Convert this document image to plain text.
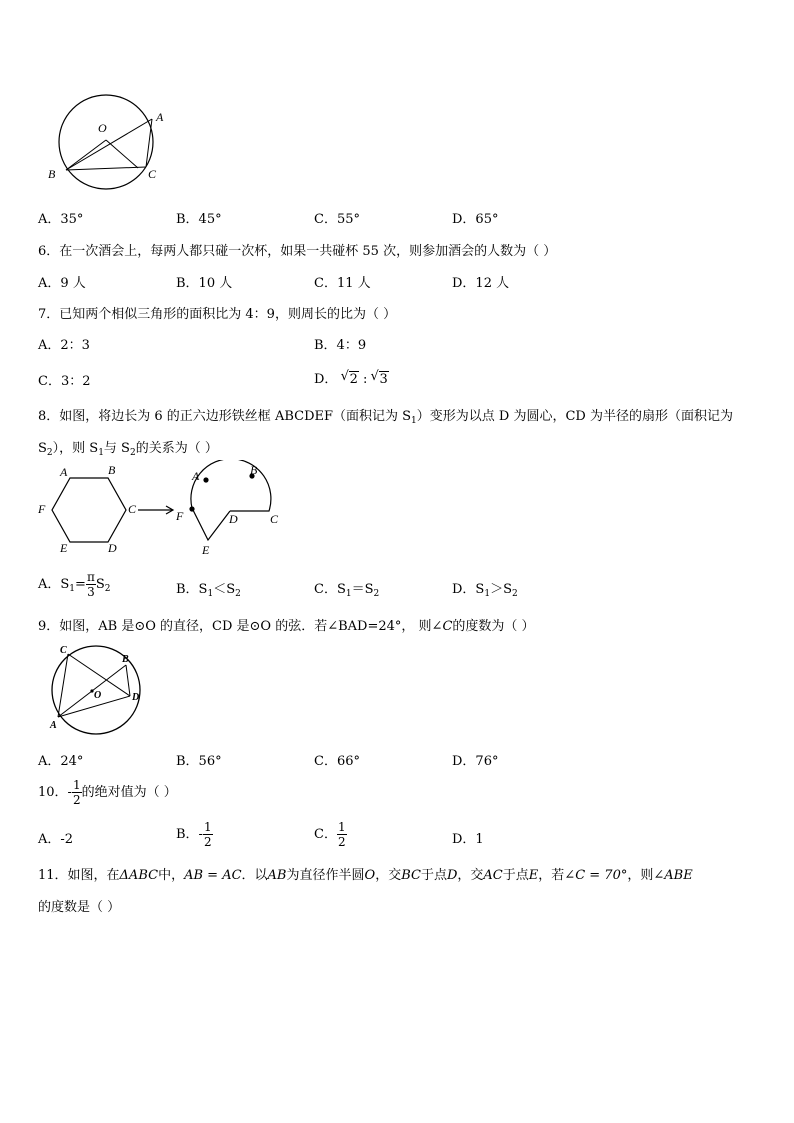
O
A
B	C
A．35°	B．45°	C．55°	D．65°
6．在一次酒会上，每两人都只碰一次杯，如果一共碰杯 55 次，则参加酒会的人数为（ ）
A．9 人	B．10 人	C．11 人	D．12 人
7．已知两个相似三角形的面积比为 4：9，则周长的比为（ ）
A．2：3	B．4：9
C．3：2	D． √ 2 : √ 3
8．如图，将边长为 6 的正六边形铁丝框 ABCDEF（面积记为 $S_1$）变形为以点 D 为圆心，CD 为半径的扇形（面积记为
$S_2$），则 $S_1$与 $S_2$的关系为（ ）
A	B
C
D
E
F
A	B
C
D
E
F
A．$S_1= \frac{\pi}{3} S_2$	B．$S_1<S_2$	C．$S_1=S_2$	D．$S_1>S_2$
9．如图，AB 是⊙O 的直径，CD 是⊙O 的弦．若∠BAD=24°， 则∠C的度数为（ ）
C
B
O	D
A
A．24°	B．56°	C．66°	D．76°
10．- $\frac{1}{2}$ 的绝对值为（ ）
A．-2	B．- $\frac{1}{2}$	C． $\frac{1}{2}$	D．1
11．如图，在ΔABC中，AB = AC．以AB为直径作半圆O，交BC于点D，交AC于点E，若∠C = 70°，则∠ABE
的度数是（ ）
